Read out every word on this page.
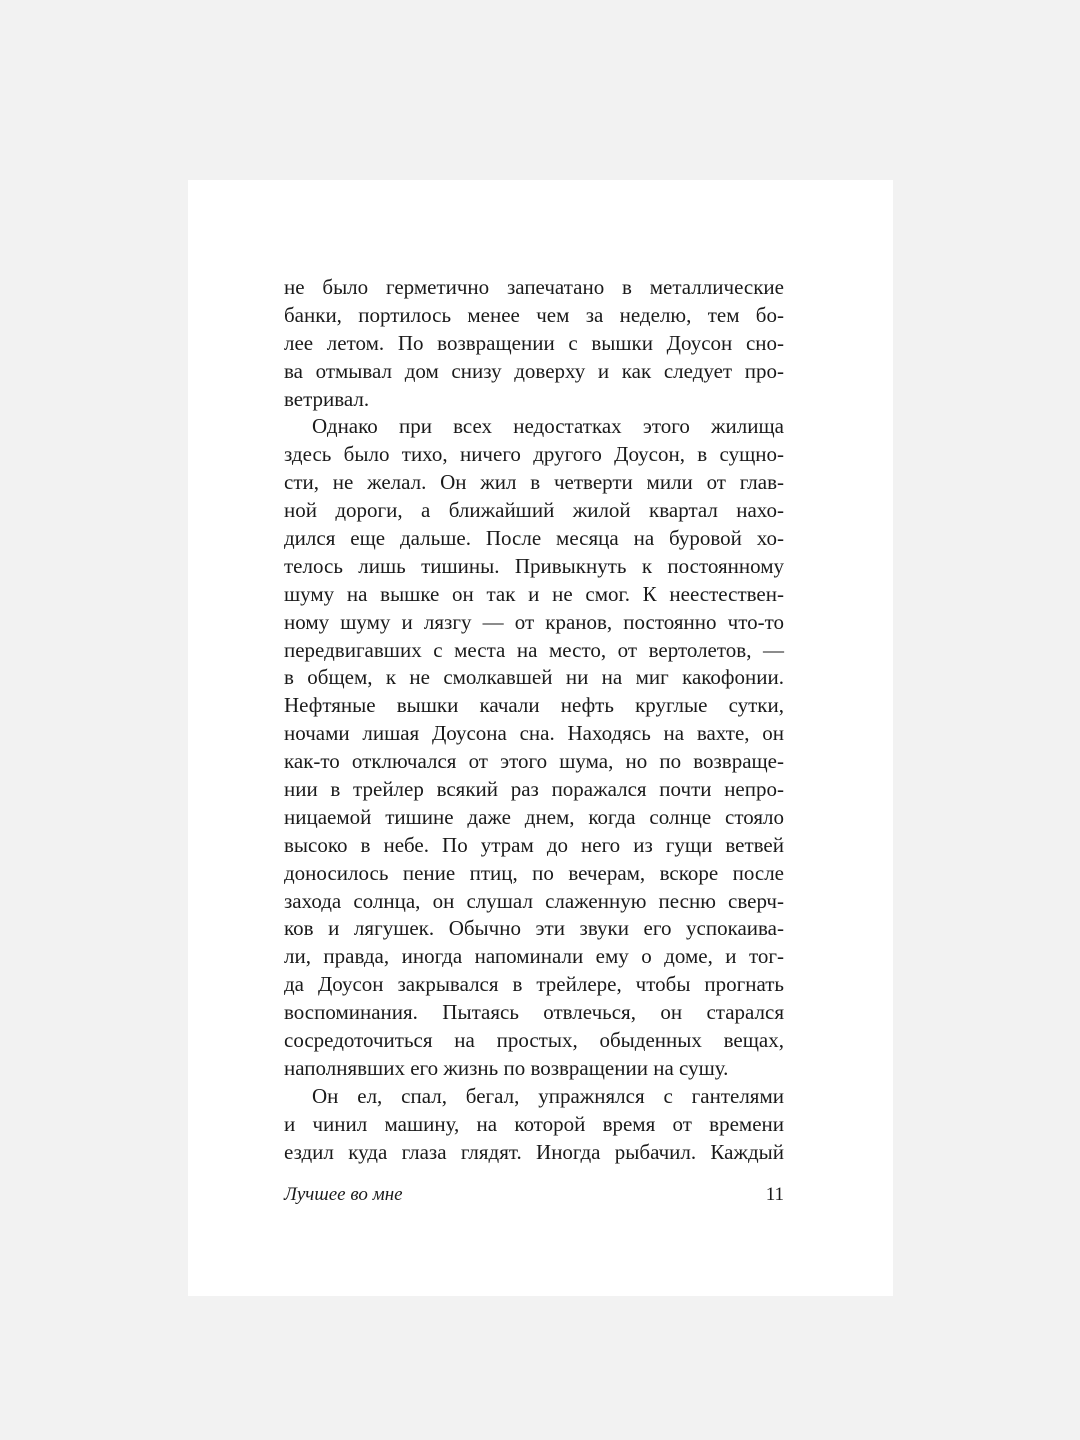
не было герметично запечатано в металлические
банки, портилось менее чем за неделю, тем бо-
лее летом. По возвращении с вышки Доусон сно-
ва отмывал дом снизу доверху и как следует про-
ветривал.
Однако при всех недостатках этого жилища
здесь было тихо, ничего другого Доусон, в сущно-
сти, не желал. Он жил в четверти мили от глав-
ной дороги, а ближайший жилой квартал нахо-
дился еще дальше. После месяца на буровой хо-
телось лишь тишины. Привыкнуть к постоянному
шуму на вышке он так и не смог. К неестествен-
ному шуму и лязгу — от кранов, постоянно что-то
передвигавших с места на место, от вертолетов, —
в общем, к не смолкавшей ни на миг какофонии.
Нефтяные вышки качали нефть круглые сутки,
ночами лишая Доусона сна. Находясь на вахте, он
как-то отключался от этого шума, но по возвраще-
нии в трейлер всякий раз поражался почти непро-
ницаемой тишине даже днем, когда солнце стояло
высоко в небе. По утрам до него из гущи ветвей
доносилось пение птиц, по вечерам, вскоре после
захода солнца, он слушал слаженную песню сверч-
ков и лягушек. Обычно эти звуки его успокаива-
ли, правда, иногда напоминали ему о доме, и тог-
да Доусон закрывался в трейлере, чтобы прогнать
воспоминания. Пытаясь отвлечься, он старался
сосредоточиться на простых, обыденных вещах,
наполнявших его жизнь по возвращении на сушу.
Он ел, спал, бегал, упражнялся с гантелями
и чинил машину, на которой время от времени
ездил куда глаза глядят. Иногда рыбачил. Каждый
Лучшее во мне	11
